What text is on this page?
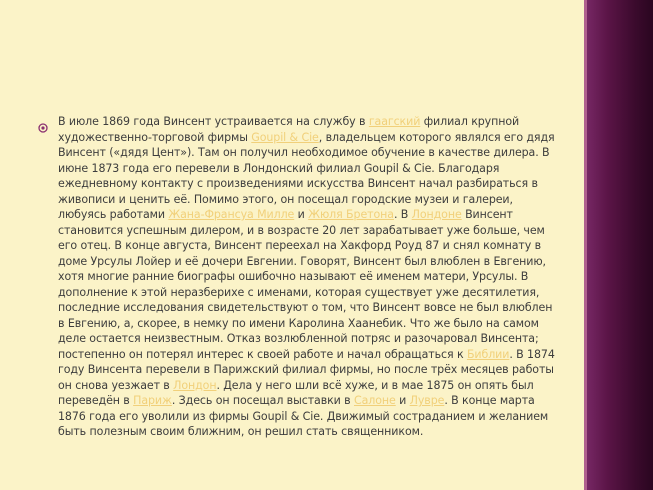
В июле 1869 года Винсент устраивается на службу в гаагский филиал крупной художественно-торговой фирмы Goupil & Cie, владельцем которого являлся его дядя Винсент («дядя Цент»). Там он получил необходимое обучение в качестве дилера. В июне 1873 года его перевели в Лондонский филиал Goupil & Cie. Благодаря ежедневному контакту с произведениями искусства Винсент начал разбираться в живописи и ценить её. Помимо этого, он посещал городские музеи и галереи, любуясь работами Жана-Франсуа Милле и Жюля Бретона. В Лондоне Винсент становится успешным дилером, и в возрасте 20 лет зарабатывает уже больше, чем его отец. В конце августа, Винсент переехал на Хакфорд Роуд 87 и снял комнату в доме Урсулы Лойер и её дочери Евгении. Говорят, Винсент был влюблен в Евгению, хотя многие ранние биографы ошибочно называют её именем матери, Урсулы. В дополнение к этой неразберихе с именами, которая существует уже десятилетия, последние исследования свидетельствуют о том, что Винсент вовсе не был влюблен в Евгению, а, скорее, в немку по имени Каролина Хаанебик. Что же было на самом деле остается неизвестным. Отказ возлюбленной потряс и разочаровал Винсента; постепенно он потерял интерес к своей работе и начал обращаться к Библии. В 1874 году Винсента перевели в Парижский филиал фирмы, но после трёх месяцев работы он снова уезжает в Лондон. Дела у него шли всё хуже, и в мае 1875 он опять был переведён в Париж. Здесь он посещал выставки в Салоне и Лувре. В конце марта 1876 года его уволили из фирмы Goupil & Cie. Движимый состраданием и желанием быть полезным своим ближним, он решил стать священником.
